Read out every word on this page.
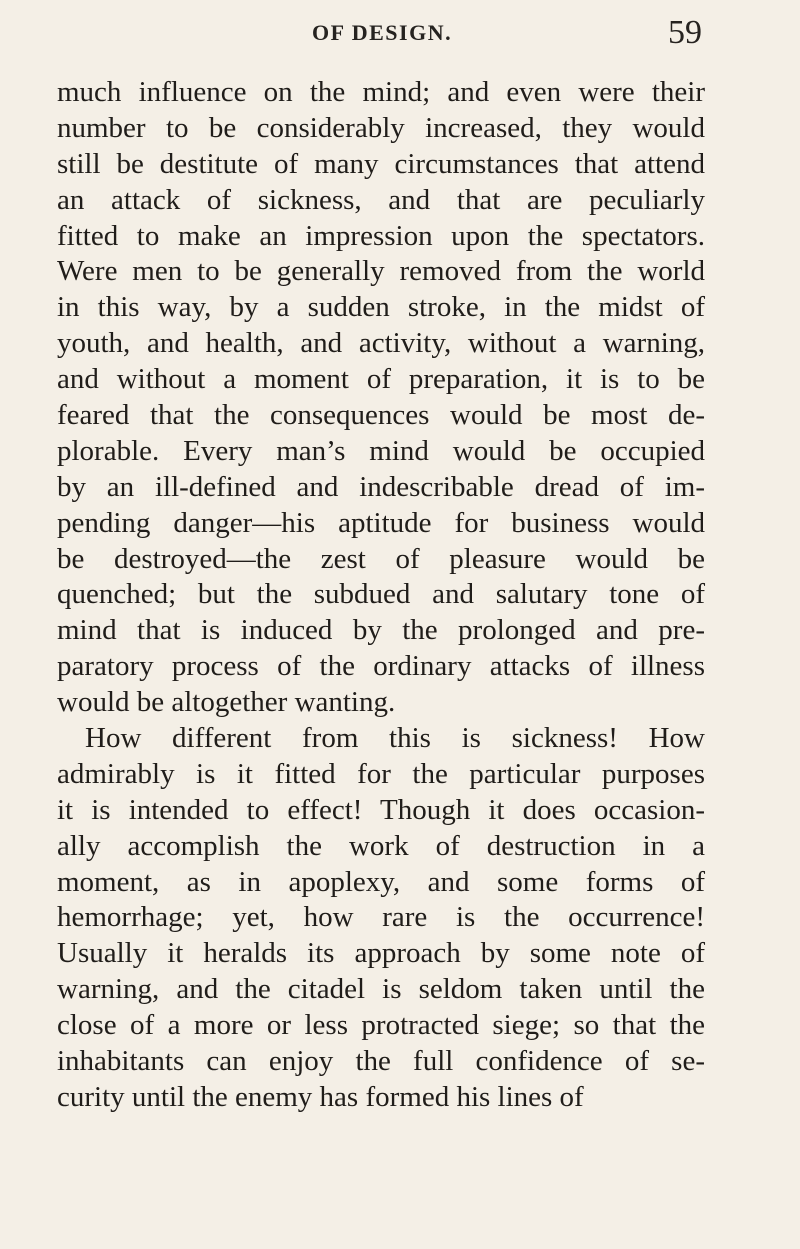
OF DESIGN.	59
much influence on the mind; and even were their
number to be considerably increased, they would
still be destitute of many circumstances that attend
an attack of sickness, and that are peculiarly
fitted to make an impression upon the spectators.
Were men to be generally removed from the world
in this way, by a sudden stroke, in the midst of
youth, and health, and activity, without a warning,
and without a moment of preparation, it is to be
feared that the consequences would be most de-
plorable. Every man’s mind would be occupied
by an ill-defined and indescribable dread of im-
pending danger—his aptitude for business would
be destroyed—the zest of pleasure would be
quenched; but the subdued and salutary tone of
mind that is induced by the prolonged and pre-
paratory process of the ordinary attacks of illness
would be altogether wanting.
How different from this is sickness! How
admirably is it fitted for the particular purposes
it is intended to effect! Though it does occasion-
ally accomplish the work of destruction in a
moment, as in apoplexy, and some forms of
hemorrhage; yet, how rare is the occurrence!
Usually it heralds its approach by some note of
warning, and the citadel is seldom taken until the
close of a more or less protracted siege; so that the
inhabitants can enjoy the full confidence of se-
curity until the enemy has formed his lines of
